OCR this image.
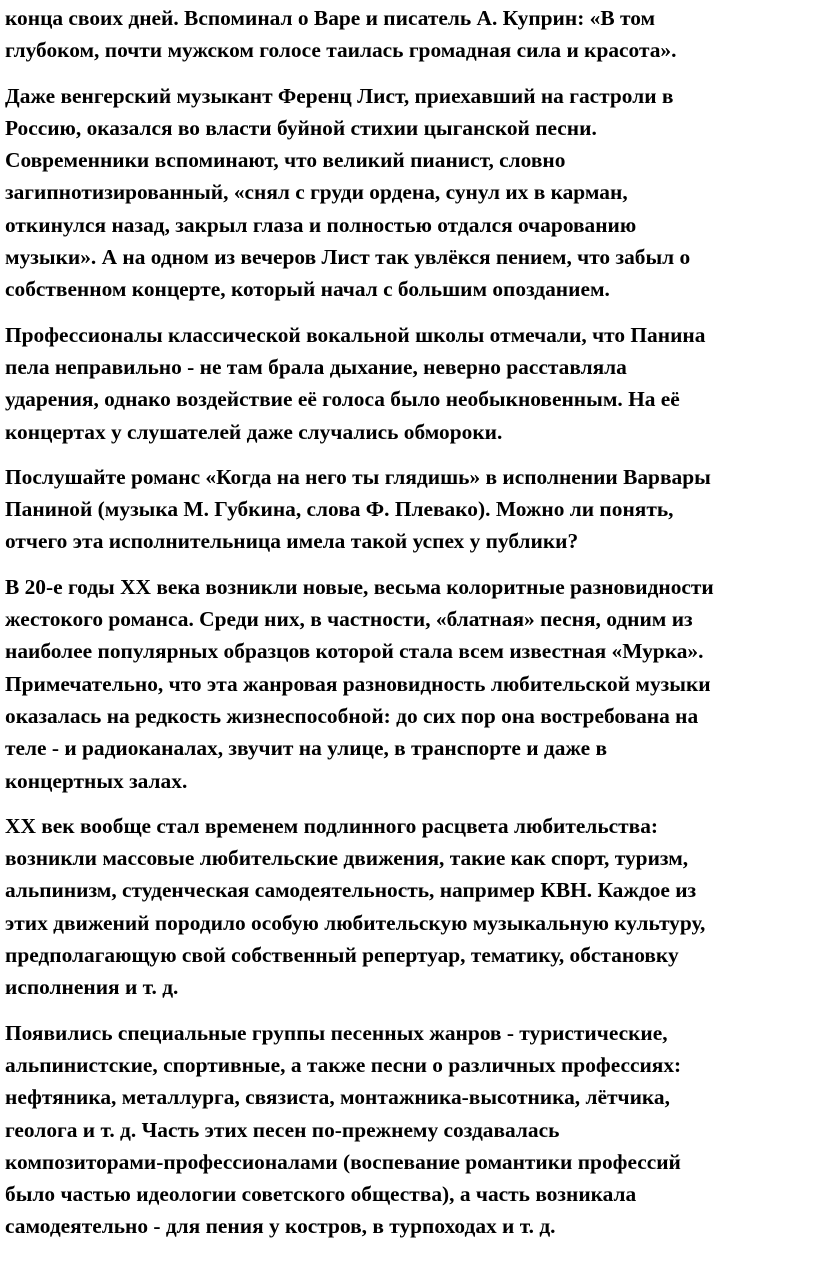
конца своих дней. Вспоминал о Варе и писатель А. Куприн: «В том
глубоком, почти мужском голосе таилась громадная сила и красота».

Даже венгерский музыкант Ференц Лист, приехавший на гастроли в
Россию, оказался во власти буйной стихии цыганской песни.
Современники вспоминают, что великий пианист, словно
загипнотизированный, «снял с груди ордена, сунул их в карман,
откинулся назад, закрыл глаза и полностью отдался очарованию
музыки». А на одном из вечеров Лист так увлёкся пением, что забыл о
собственном концерте, который начал с большим опозданием.

Профессионалы классической вокальной школы отмечали, что Панина
пела неправильно - не там брала дыхание, неверно расставляла
ударения, однако воздействие её голоса было необыкновенным. На её
концертах у слушателей даже случались обмороки.

Послушайте романс «Когда на него ты глядишь» в исполнении Варвары
Паниной (музыка М. Губкина, слова Ф. Плевако). Можно ли понять,
отчего эта исполнительница имела такой успех у публики?

В 20-е годы XX века возникли новые, весьма колоритные разновидности
жестокого романса. Среди них, в частности, «блатная» песня, одним из
наиболее популярных образцов которой стала всем известная «Мурка».
Примечательно, что эта жанровая разновидность любительской музыки
оказалась на редкость жизнеспособной: до сих пор она востребована на
теле - и радиоканалах, звучит на улице, в транспорте и даже в
концертных залах.

XX век вообще стал временем подлинного расцвета любительства:
возникли массовые любительские движения, такие как спорт, туризм,
альпинизм, студенческая самодеятельность, например КВН. Каждое из
этих движений породило особую любительскую музыкальную культуру,
предполагающую свой собственный репертуар, тематику, обстановку
исполнения и т. д.

Появились специальные группы песенных жанров - туристические,
альпинистские, спортивные, а также песни о различных профессиях:
нефтяника, металлурга, связиста, монтажника-высотника, лётчика,
геолога и т. д. Часть этих песен по-прежнему создавалась
композиторами-профессионалами (воспевание романтики профессий
было частью идеологии советского общества), а часть возникала
самодеятельно - для пения у костров, в турпоходах и т. д.
